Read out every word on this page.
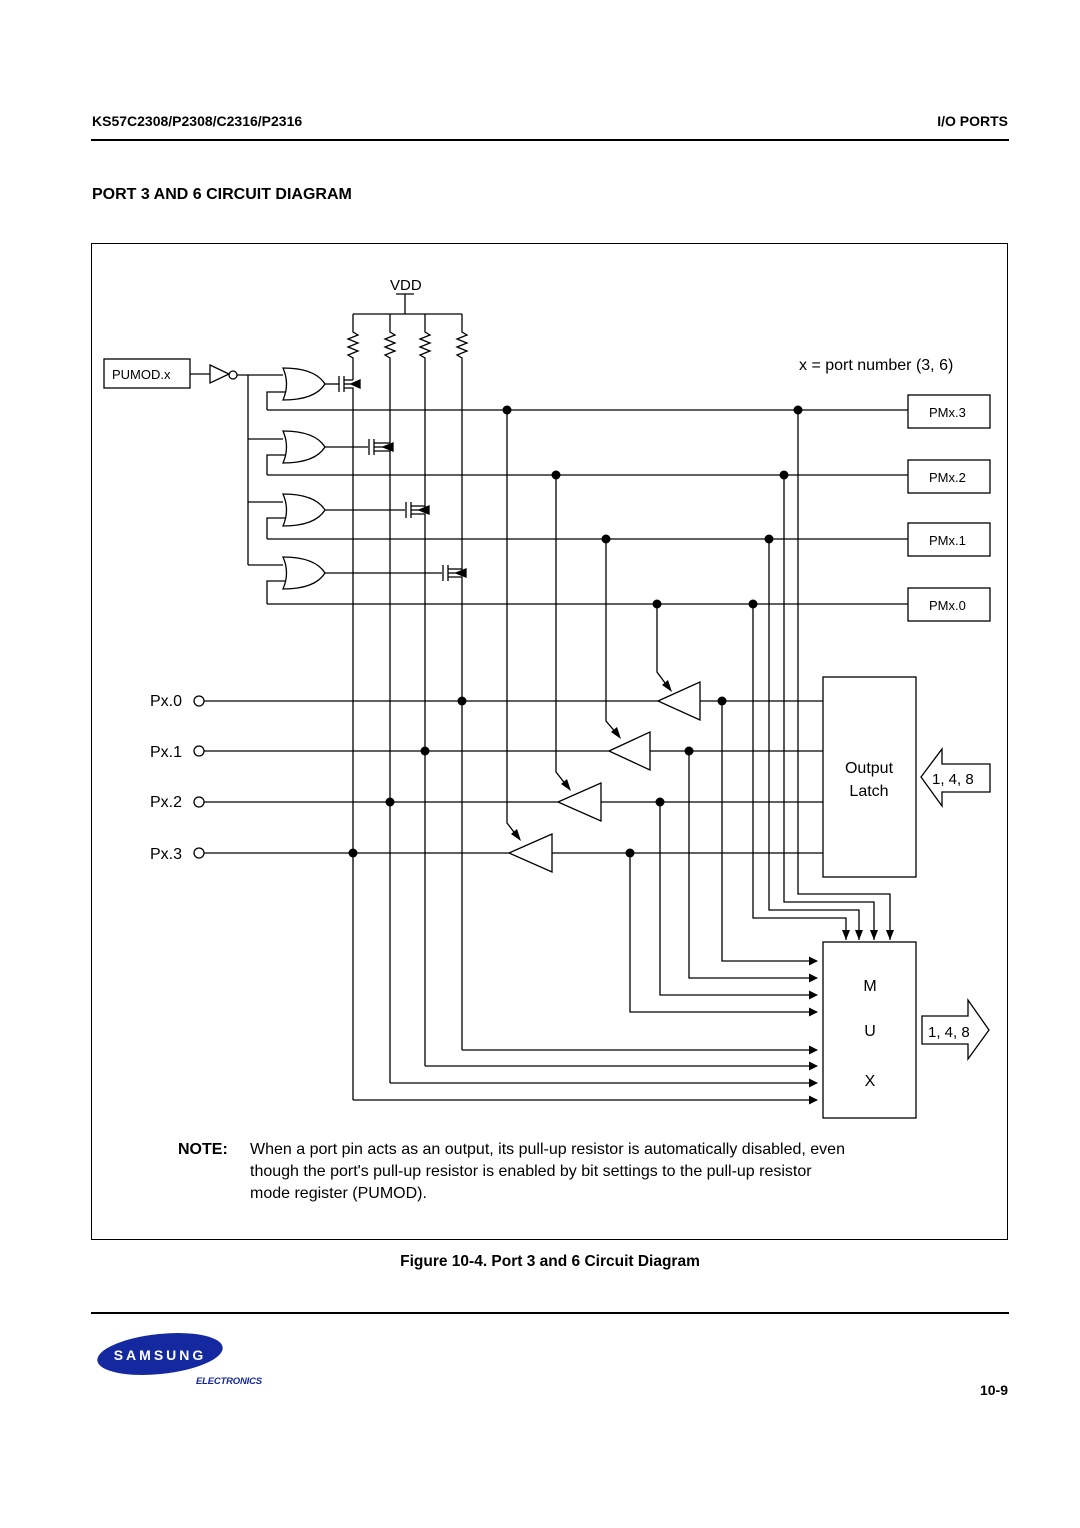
KS57C2308/P2308/C2316/P2316	I/O PORTS
PORT 3 AND 6 CIRCUIT DIAGRAM
VDD
PUMOD.x
PMx.3
PMx.2
PMx.1
PMx.0
x = port number (3, 6)
Output
Latch
1, 4, 8
Px.0
Px.1
Px.2
Px.3
M
U
X
1, 4, 8
NOTE: When a port pin acts as an output, its pull-up resistor is automatically disabled, even though the port's pull-up resistor is enabled by bit settings to the pull-up resistor mode register (PUMOD).
Figure 10-4. Port 3 and 6 Circuit Diagram
SAMSUNG
ELECTRONICS
10-9
